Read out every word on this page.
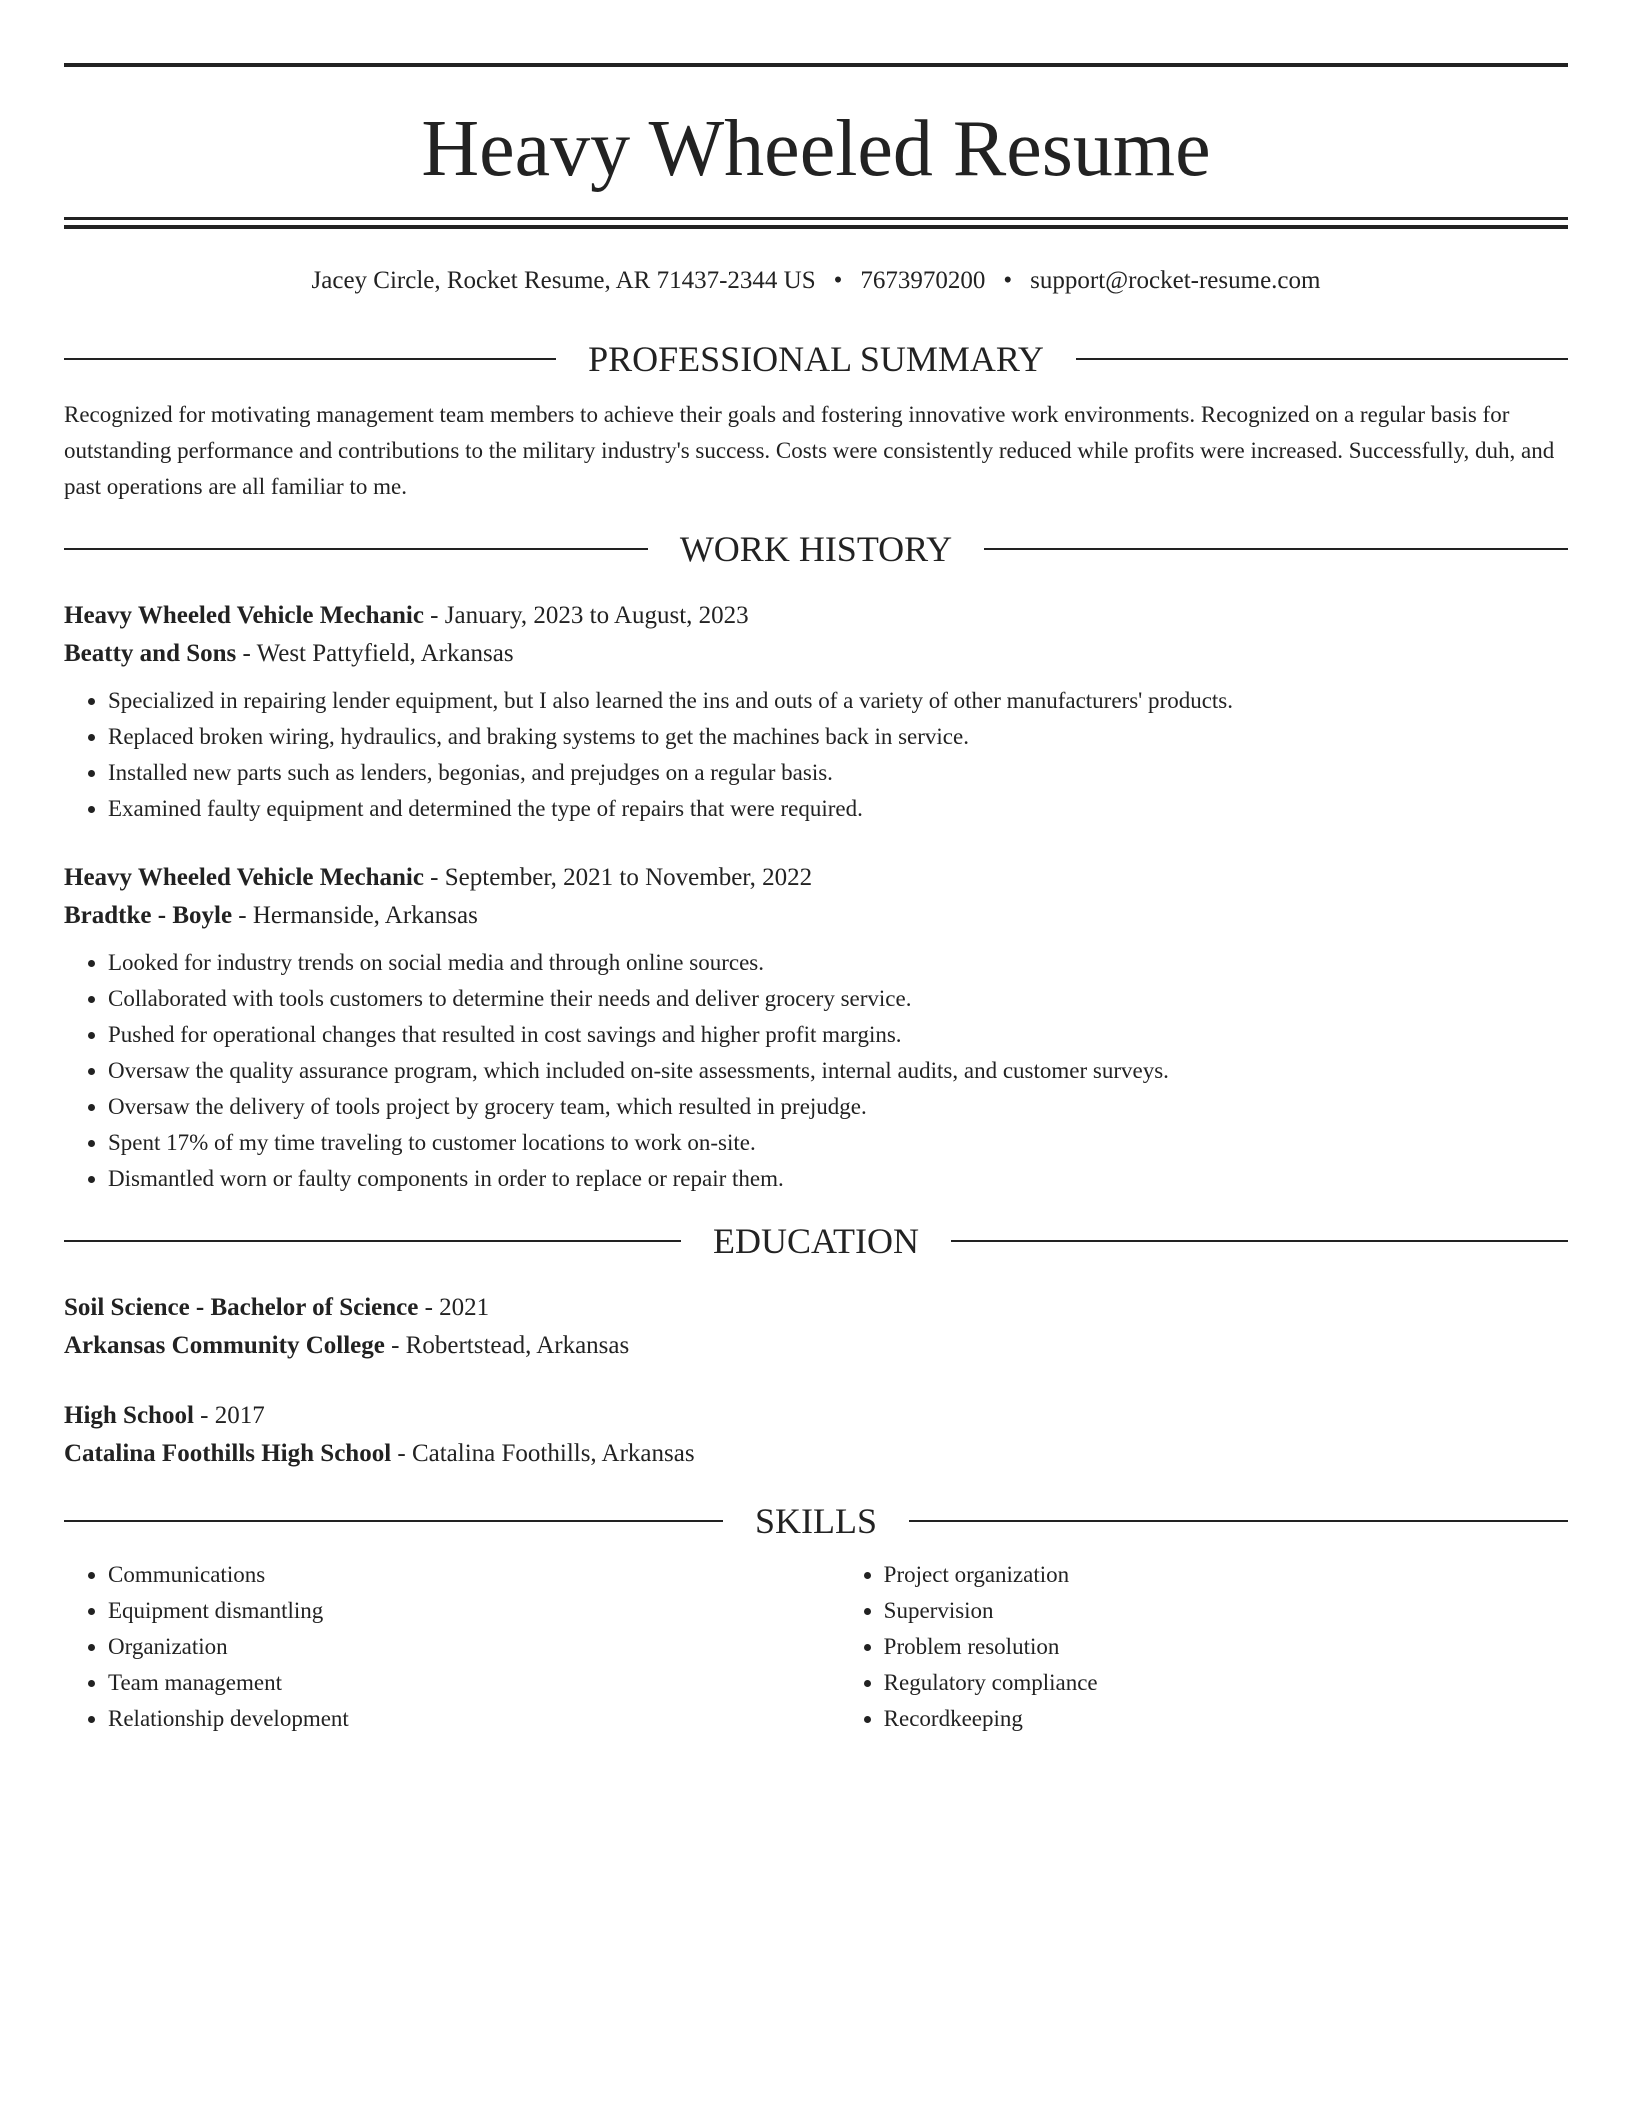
Heavy Wheeled Resume
Jacey Circle, Rocket Resume, AR 71437-2344 US • 7673970200 • support@rocket-resume.com
PROFESSIONAL SUMMARY
Recognized for motivating management team members to achieve their goals and fostering innovative work environments. Recognized on a regular basis for outstanding performance and contributions to the military industry's success. Costs were consistently reduced while profits were increased. Successfully, duh, and past operations are all familiar to me.
WORK HISTORY
Heavy Wheeled Vehicle Mechanic - January, 2023 to August, 2023
Beatty and Sons - West Pattyfield, Arkansas
• Specialized in repairing lender equipment, but I also learned the ins and outs of a variety of other manufacturers' products.
• Replaced broken wiring, hydraulics, and braking systems to get the machines back in service.
• Installed new parts such as lenders, begonias, and prejudges on a regular basis.
• Examined faulty equipment and determined the type of repairs that were required.
Heavy Wheeled Vehicle Mechanic - September, 2021 to November, 2022
Bradtke - Boyle - Hermanside, Arkansas
• Looked for industry trends on social media and through online sources.
• Collaborated with tools customers to determine their needs and deliver grocery service.
• Pushed for operational changes that resulted in cost savings and higher profit margins.
• Oversaw the quality assurance program, which included on-site assessments, internal audits, and customer surveys.
• Oversaw the delivery of tools project by grocery team, which resulted in prejudge.
• Spent 17% of my time traveling to customer locations to work on-site.
• Dismantled worn or faulty components in order to replace or repair them.
EDUCATION
Soil Science - Bachelor of Science - 2021
Arkansas Community College - Robertstead, Arkansas
High School - 2017
Catalina Foothills High School - Catalina Foothills, Arkansas
SKILLS
• Communications
• Equipment dismantling
• Organization
• Team management
• Relationship development
• Project organization
• Supervision
• Problem resolution
• Regulatory compliance
• Recordkeeping
